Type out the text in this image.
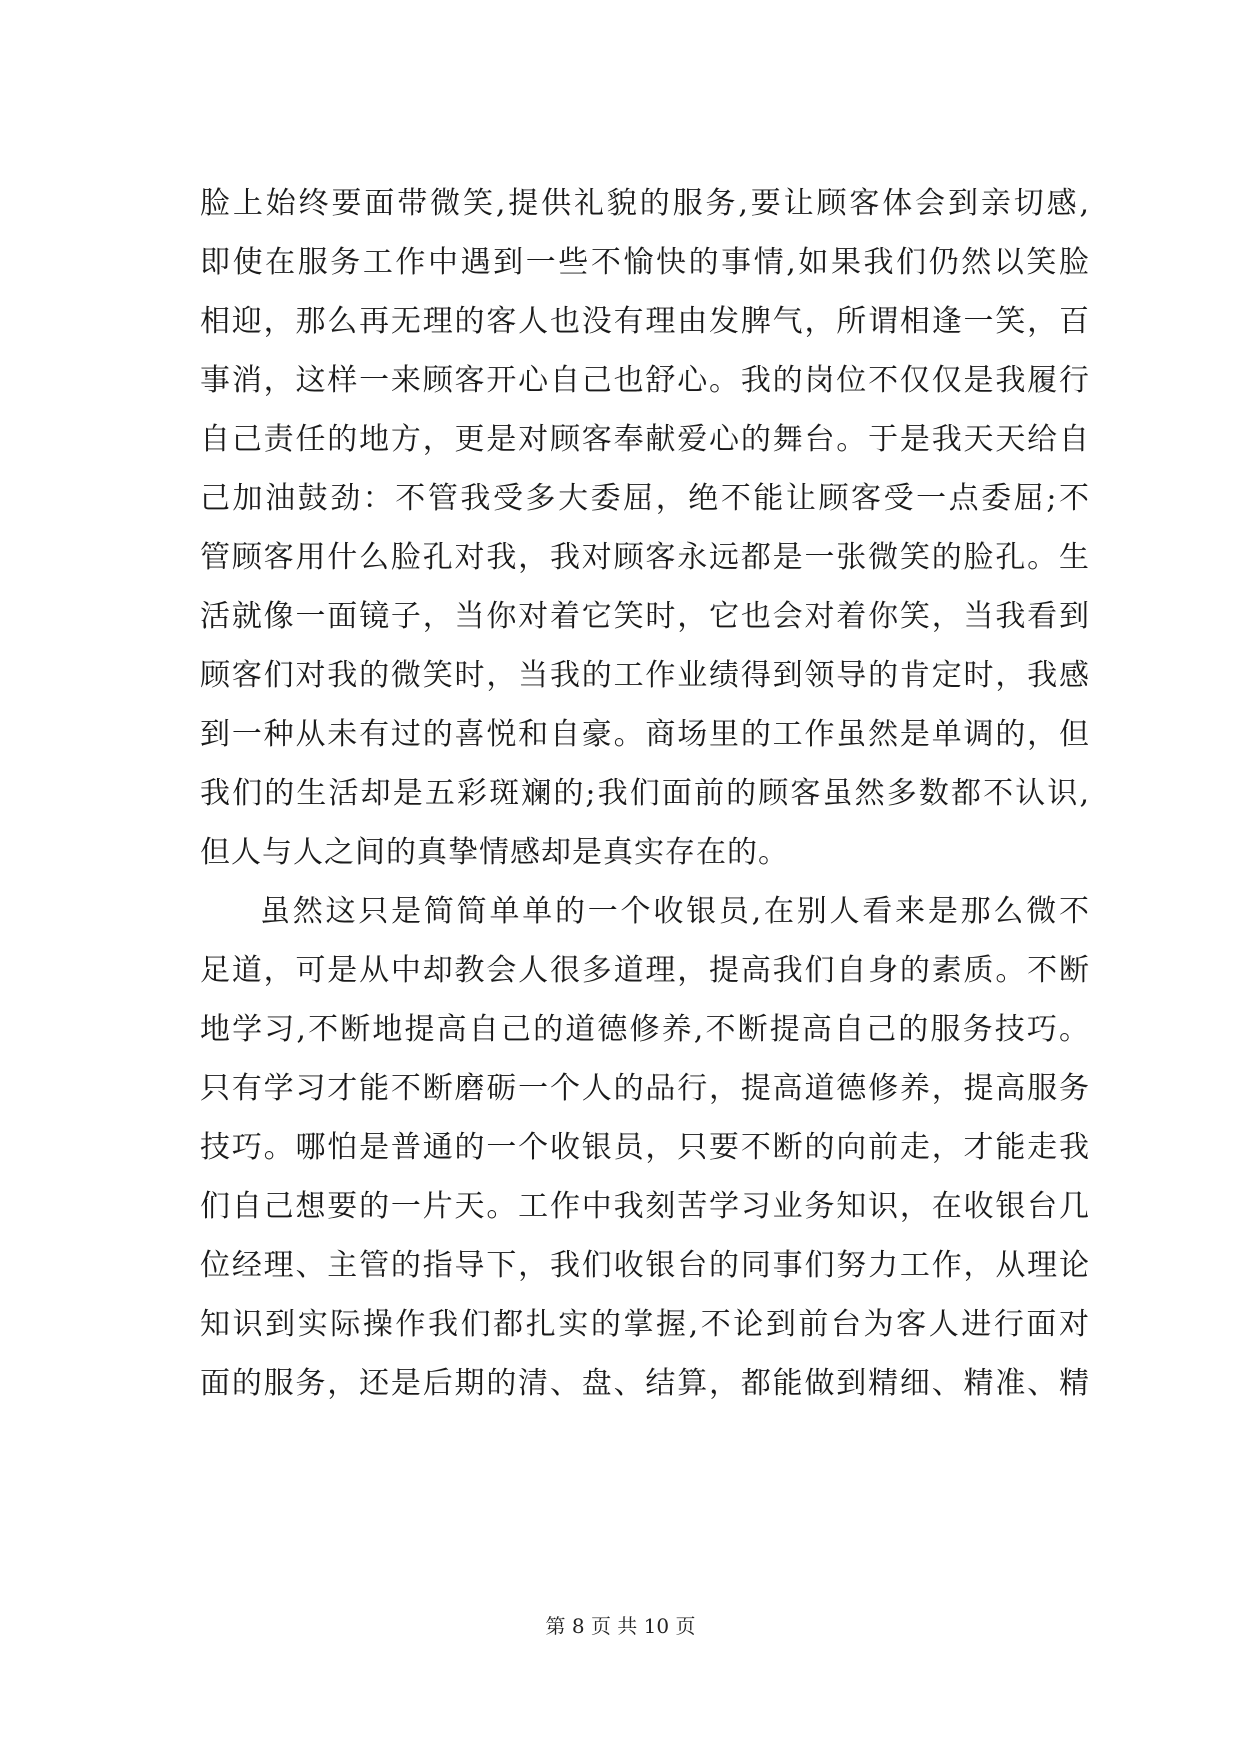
脸上始终要面带微笑,提供礼貌的服务,要让顾客体会到亲切感,
即使在服务工作中遇到一些不愉快的事情,如果我们仍然以笑脸
相迎，那么再无理的客人也没有理由发脾气，所谓相逢一笑，百
事消，这样一来顾客开心自己也舒心。我的岗位不仅仅是我履行
自己责任的地方，更是对顾客奉献爱心的舞台。于是我天天给自
己加油鼓劲：不管我受多大委屈，绝不能让顾客受一点委屈;不
管顾客用什么脸孔对我，我对顾客永远都是一张微笑的脸孔。生
活就像一面镜子，当你对着它笑时，它也会对着你笑，当我看到
顾客们对我的微笑时，当我的工作业绩得到领导的肯定时，我感
到一种从未有过的喜悦和自豪。商场里的工作虽然是单调的，但
我们的生活却是五彩斑斓的;我们面前的顾客虽然多数都不认识,
但人与人之间的真挚情感却是真实存在的。
虽然这只是简简单单的一个收银员,在别人看来是那么微不
足道，可是从中却教会人很多道理，提高我们自身的素质。不断
地学习,不断地提高自己的道德修养,不断提高自己的服务技巧。
只有学习才能不断磨砺一个人的品行，提高道德修养，提高服务
技巧。哪怕是普通的一个收银员，只要不断的向前走，才能走我
们自己想要的一片天。工作中我刻苦学习业务知识，在收银台几
位经理、主管的指导下，我们收银台的同事们努力工作，从理论
知识到实际操作我们都扎实的掌握,不论到前台为客人进行面对
面的服务，还是后期的清、盘、结算，都能做到精细、精准、精
第 8 页 共 10 页
